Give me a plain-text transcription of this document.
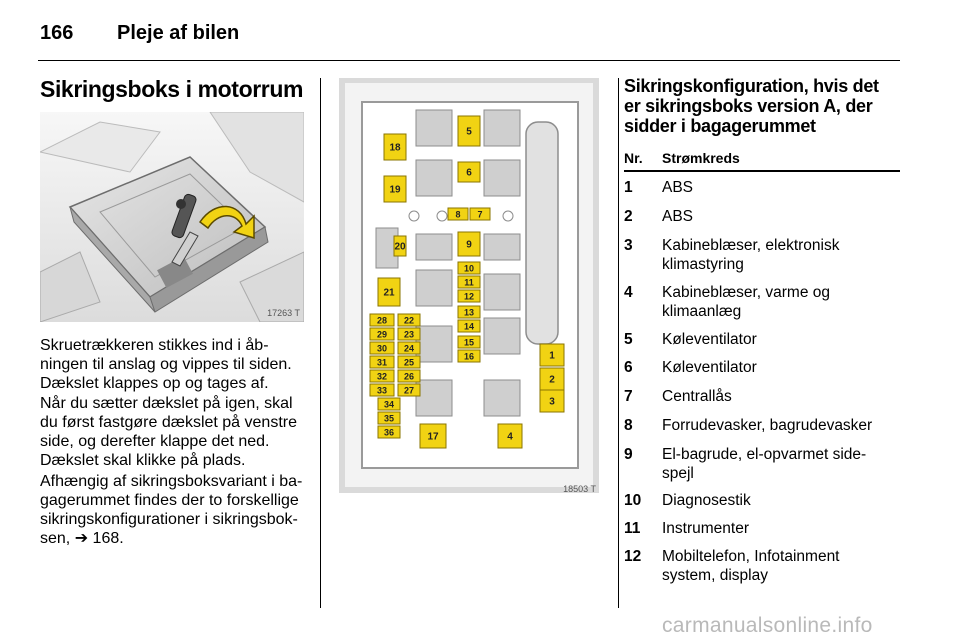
166 Pleje af bilen
Sikringsboks i motorrum
17263 T
Skruetrækkeren stikkes ind i åb-
ningen til anslag og vippes til siden.
Dækslet klappes op og tages af.
Når du sætter dækslet på igen, skal
du først fastgøre dækslet på venstre
side, og derefter klappe det ned.
Dækslet skal klikke på plads.
Afhængig af sikringsboksvariant i ba-
gagerummet findes der to forskellige
sikringskonfigurationer i sikringsbok-
sen, ➔ 168.
1
2
3
4
5
6
7
8
9
10
11
12
13
14
15
16
17
18
19
20
21
22
23
24
25
26
27
28
29
30
31
32
33
34
35
36
18503 T
Sikringskonfiguration, hvis det
er sikringsboks version A, der
sidder i bagagerummet
Nr. Strømkreds
1 ABS
2 ABS
3 Kabineblæser, elektronisk
klimastyring
4 Kabineblæser, varme og
klimaanlæg
5 Køleventilator
6 Køleventilator
7 Centrallås
8 Forrudevasker, bagrudevasker
9 El-bagrude, el-opvarmet side-
spejl
10 Diagnosestik
11 Instrumenter
12 Mobiltelefon, Infotainment
system, display
carmanualsonline.info
